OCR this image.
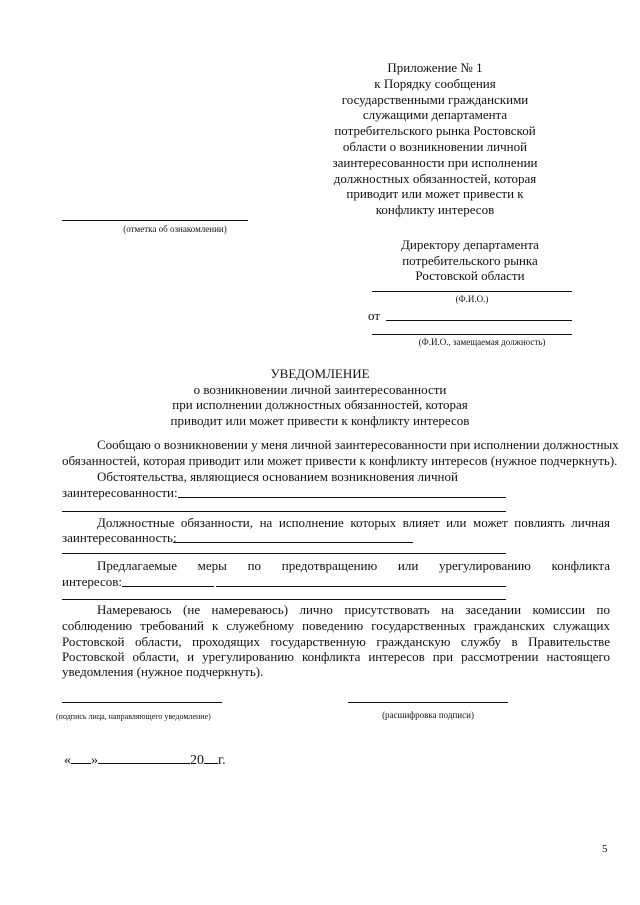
Приложение № 1
к Порядку сообщения
государственными гражданскими
служащими департамента
потребительского рынка Ростовской
области о возникновении личной
заинтересованности при исполнении
должностных обязанностей, которая
приводит или может привести к
конфликту интересов
(отметка об ознакомлении)
Директору департамента
потребительского рынка
Ростовской области
(Ф.И.О.)
от
(Ф.И.О., замещаемая должность)
УВЕДОМЛЕНИЕ
о возникновении личной заинтересованности
при исполнении должностных обязанностей, которая
приводит или может привести к конфликту интересов
Сообщаю о возникновении у меня личной заинтересованности при исполнении должностных
обязанностей, которая приводит или может привести к конфликту интересов (нужное подчеркнуть).
Обстоятельства, являющиеся основанием возникновения личной
заинтересованности:
Должностные обязанности, на исполнение которых влияет или может повлиять личная
заинтересованность:
Предлагаемые меры по предотвращению или урегулированию конфликта
интересов:
Намереваюсь (не намереваюсь) лично присутствовать на заседании комиссии по
соблюдению требований к служебному поведению государственных гражданских служащих
Ростовской области, проходящих государственную гражданскую службу в Правительстве
Ростовской области, и урегулированию конфликта интересов при рассмотрении настоящего
уведомления (нужное подчеркнуть).
(подпись лица, направляющего уведомление)	(расшифровка подписи)
« »	20 г.
5
